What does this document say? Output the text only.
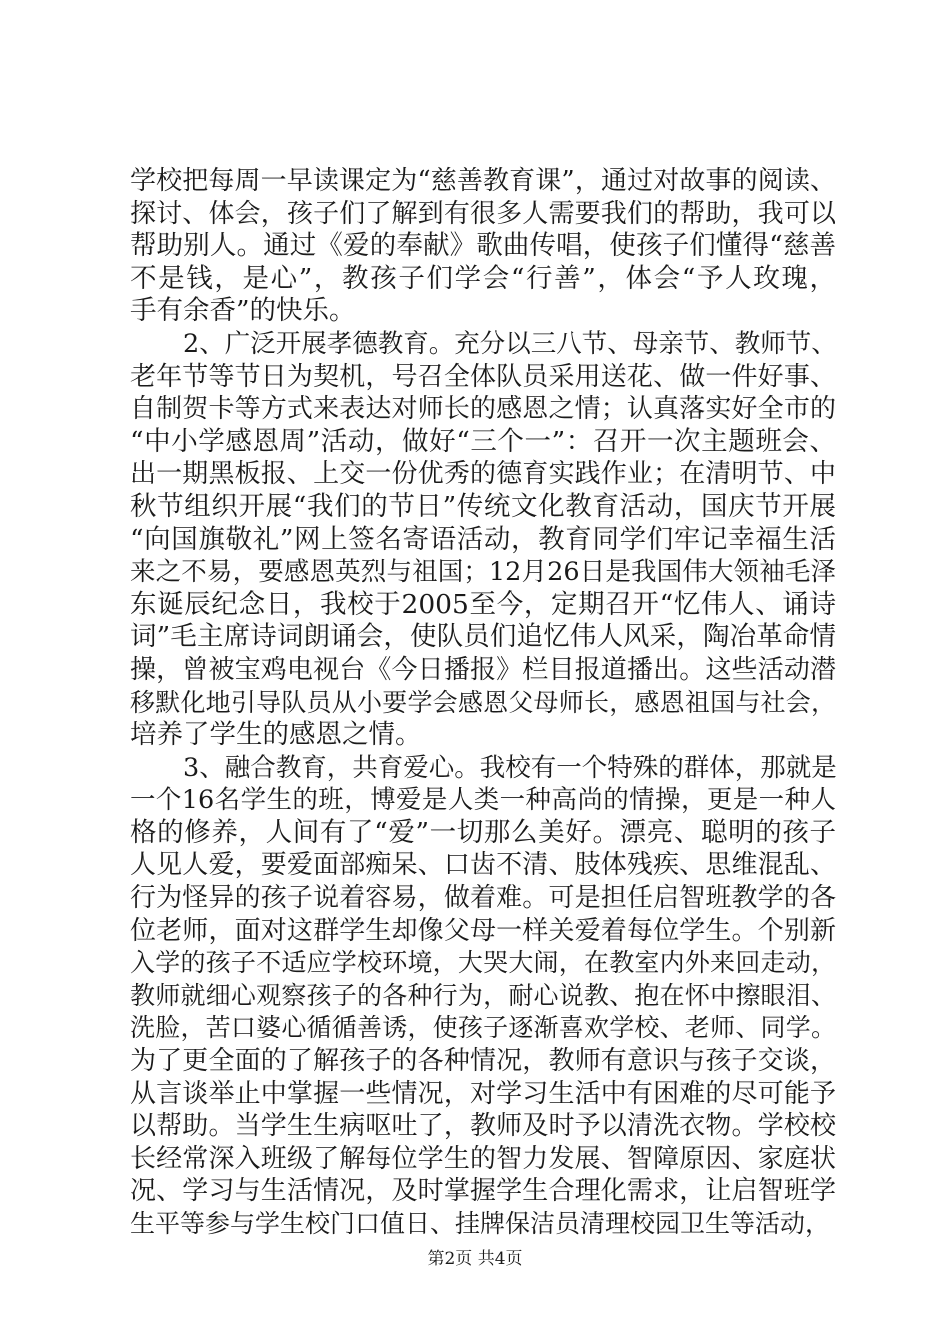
学校把每周一早读课定为“慈善教育课”，通过对故事的阅读、
探讨、体会，孩子们了解到有很多人需要我们的帮助，我可以
帮助别人。通过《爱的奉献》歌曲传唱，使孩子们懂得“慈善
不是钱，是心”，教孩子们学会“行善”，体会“予人玫瑰，
手有余香”的快乐。
2、广泛开展孝德教育。充分以三八节、母亲节、教师节、
老年节等节日为契机，号召全体队员采用送花、做一件好事、
自制贺卡等方式来表达对师长的感恩之情；认真落实好全市的
“中小学感恩周”活动，做好“三个一”：召开一次主题班会、
出一期黑板报、上交一份优秀的德育实践作业；在清明节、中
秋节组织开展“我们的节日”传统文化教育活动，国庆节开展
“向国旗敬礼”网上签名寄语活动，教育同学们牢记幸福生活
来之不易，要感恩英烈与祖国；12月26日是我国伟大领袖毛泽
东诞辰纪念日，我校于2005至今，定期召开“忆伟人、诵诗
词”毛主席诗词朗诵会，使队员们追忆伟人风采，陶冶革命情
操，曾被宝鸡电视台《今日播报》栏目报道播出。这些活动潜
移默化地引导队员从小要学会感恩父母师长，感恩祖国与社会，
培养了学生的感恩之情。
3、融合教育，共育爱心。我校有一个特殊的群体，那就是
一个16名学生的班，博爱是人类一种高尚的情操，更是一种人
格的修养，人间有了“爱”一切那么美好。漂亮、聪明的孩子
人见人爱，要爱面部痴呆、口齿不清、肢体残疾、思维混乱、
行为怪异的孩子说着容易，做着难。可是担任启智班教学的各
位老师，面对这群学生却像父母一样关爱着每位学生。个别新
入学的孩子不适应学校环境，大哭大闹，在教室内外来回走动，
教师就细心观察孩子的各种行为，耐心说教、抱在怀中擦眼泪、
洗脸，苦口婆心循循善诱，使孩子逐渐喜欢学校、老师、同学。
为了更全面的了解孩子的各种情况，教师有意识与孩子交谈，
从言谈举止中掌握一些情况，对学习生活中有困难的尽可能予
以帮助。当学生生病呕吐了，教师及时予以清洗衣物。学校校
长经常深入班级了解每位学生的智力发展、智障原因、家庭状
况、学习与生活情况，及时掌握学生合理化需求，让启智班学
生平等参与学生校门口值日、挂牌保洁员清理校园卫生等活动，
第2页 共4页
